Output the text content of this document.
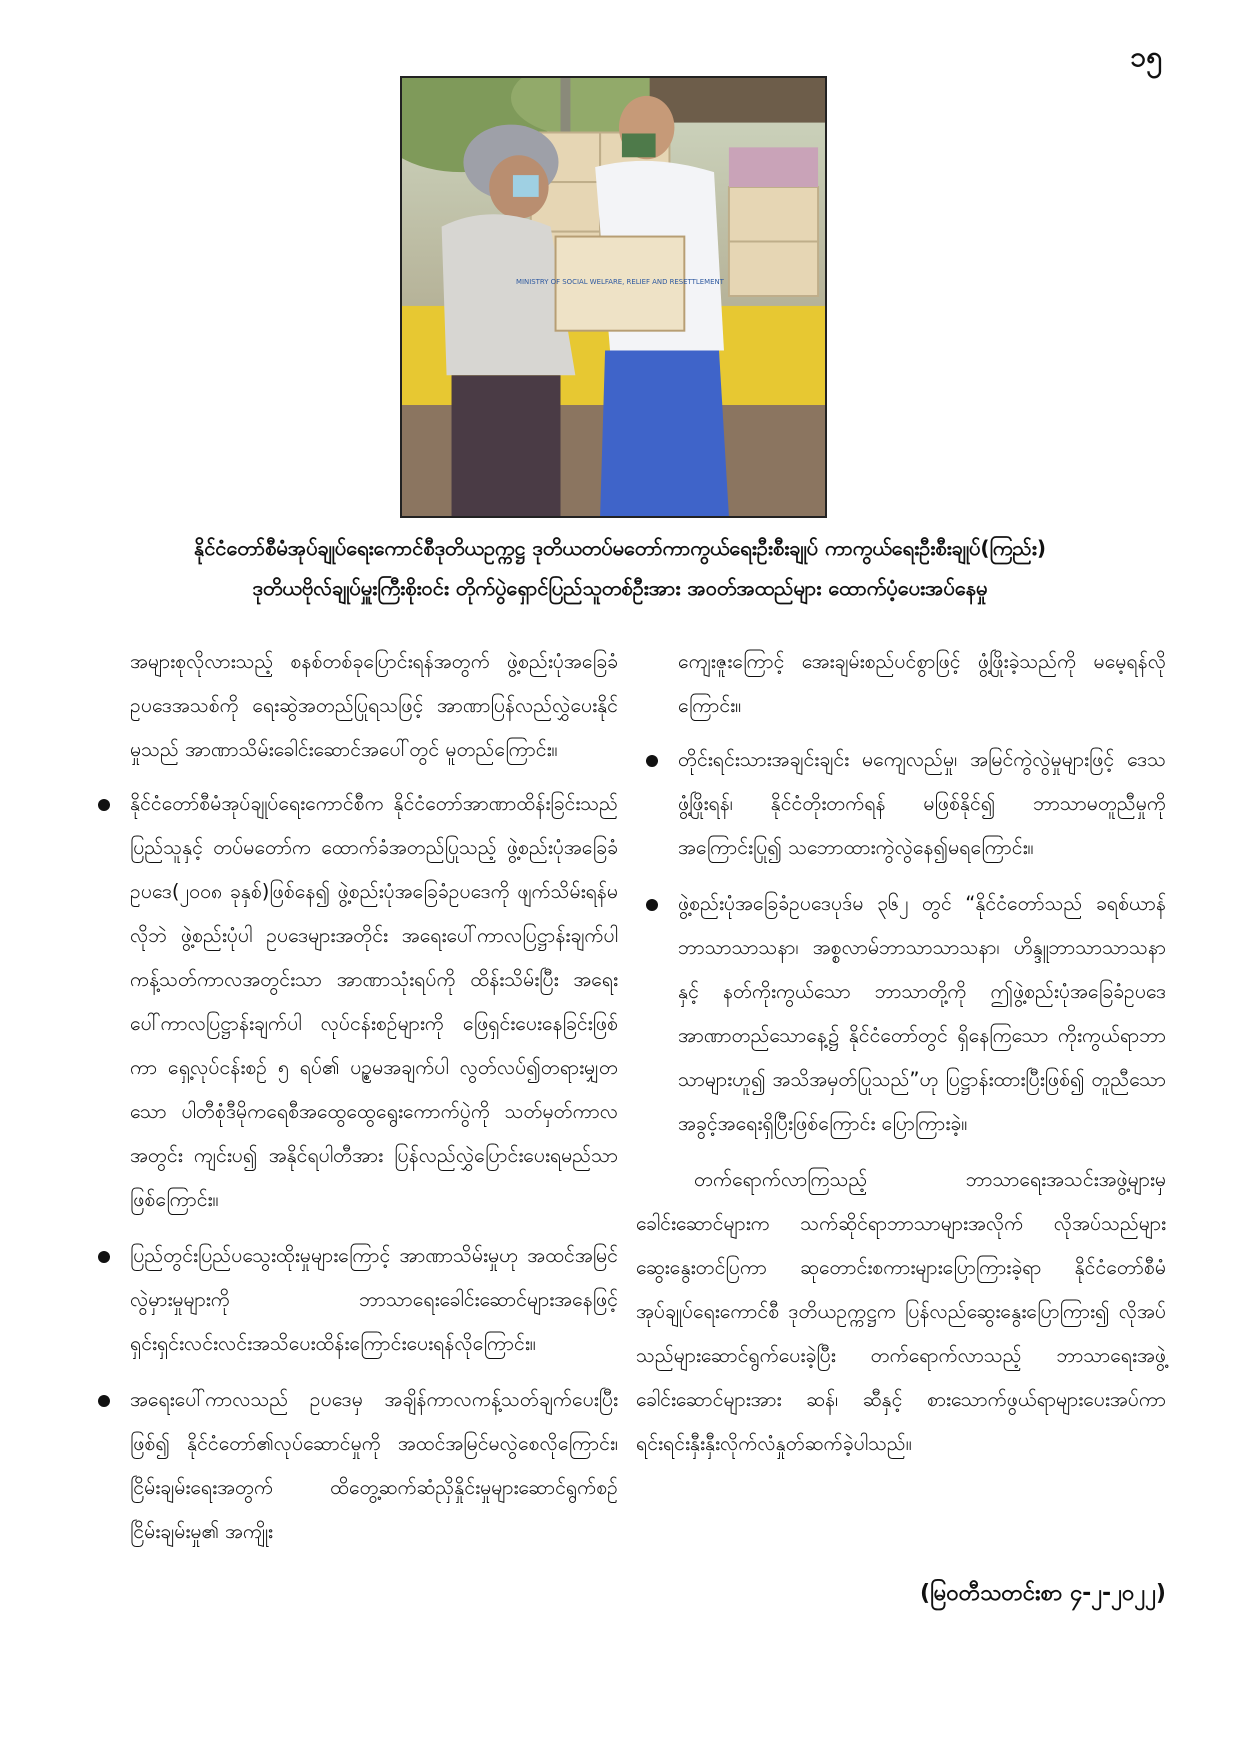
၁၅
MINISTRY OF SOCIAL WELFARE, RELIEF AND RESETTLEMENT
နိုင်ငံတော်စီမံအုပ်ချုပ်ရေးကောင်စီဒုတိယဥက္ကဋ္ဌ ဒုတိယတပ်မတော်ကာကွယ်ရေးဦးစီးချုပ် ကာကွယ်ရေးဦးစီးချုပ်(ကြည်း)
ဒုတိယဗိုလ်ချုပ်မှူးကြီးစိုးဝင်း တိုက်ပွဲရှောင်ပြည်သူတစ်ဦးအား အဝတ်အထည်များ ထောက်ပံ့ပေးအပ်နေမှု

အများစုလိုလားသည့် စနစ်တစ်ခုပြောင်းရန်အတွက် ဖွဲ့စည်းပုံအခြေခံဥပဒေအသစ်ကို ရေးဆွဲအတည်ပြုရသဖြင့် အာဏာပြန်လည်လွှဲပေးနိုင်မှုသည် အာဏာသိမ်းခေါင်းဆောင်အပေါ်တွင် မူတည်ကြောင်း။

နိုင်ငံတော်စီမံအုပ်ချုပ်ရေးကောင်စီက နိုင်ငံတော်အာဏာထိန်းခြင်းသည် ပြည်သူနှင့် တပ်မတော်က ထောက်ခံအတည်ပြုသည့် ဖွဲ့စည်းပုံအခြေခံဥပဒေ(၂၀၀၈ ခုနှစ်)ဖြစ်နေ၍ ဖွဲ့စည်းပုံအခြေခံဥပဒေကို ဖျက်သိမ်းရန်မလိုဘဲ ဖွဲ့စည်းပုံပါ ဥပဒေများအတိုင်း အရေးပေါ်ကာလပြဋ္ဌာန်းချက်ပါ ကန့်သတ်ကာလအတွင်းသာ အာဏာသုံးရပ်ကို ထိန်းသိမ်းပြီး အရေးပေါ်ကာလပြဋ္ဌာန်းချက်ပါ လုပ်ငန်းစဉ်များကို ဖြေရှင်းပေးနေခြင်းဖြစ်ကာ ရှေ့လုပ်ငန်းစဉ် ၅ ရပ်၏ ပဉ္စမအချက်ပါ လွတ်လပ်၍တရားမျှတသော ပါတီစုံဒီမိုကရေစီအထွေထွေရွေးကောက်ပွဲကို သတ်မှတ်ကာလအတွင်း ကျင်းပ၍ အနိုင်ရပါတီအား ပြန်လည်လွှဲပြောင်းပေးရမည်သာဖြစ်ကြောင်း။
ပြည်တွင်းပြည်ပသွေးထိုးမှုများကြောင့် အာဏာသိမ်းမှုဟု အထင်အမြင်လွဲမှားမှုများကို ဘာသာရေးခေါင်းဆောင်များအနေဖြင့် ရှင်းရှင်းလင်းလင်းအသိပေးထိန်းကြောင်းပေးရန်လိုကြောင်း။
အရေးပေါ်ကာလသည် ဥပဒေမှ အချိန်ကာလကန့်သတ်ချက်ပေးပြီးဖြစ်၍ နိုင်ငံတော်၏လုပ်ဆောင်မှုကို အထင်အမြင်မလွဲစေလိုကြောင်း၊ ငြိမ်းချမ်းရေးအတွက် ထိတွေ့ဆက်ဆံညှိနှိုင်းမှုများဆောင်ရွက်စဉ် ငြိမ်းချမ်းမှု၏ အကျိုး

ကျေးဇူးကြောင့် အေးချမ်းစည်ပင်စွာဖြင့် ဖွံ့ဖြိုးခဲ့သည်ကို မမေ့ရန်လိုကြောင်း။

တိုင်းရင်းသားအချင်းချင်း မကျေလည်မှု၊ အမြင်ကွဲလွဲမှုများဖြင့် ဒေသဖွံ့ဖြိုးရန်၊ နိုင်ငံတိုးတက်ရန် မဖြစ်နိုင်၍ ဘာသာမတူညီမှုကို အကြောင်းပြု၍ သဘောထားကွဲလွဲနေ၍မရကြောင်း။
ဖွဲ့စည်းပုံအခြေခံဥပဒေပုဒ်မ ၃၆၂ တွင် “နိုင်ငံတော်သည် ခရစ်ယာန် ဘာသာသာသနာ၊ အစ္စလာမ်ဘာသာသာသနာ၊ ဟိန္ဒူဘာသာသာသနာနှင့် နတ်ကိုးကွယ်သော ဘာသာတို့ကို ဤဖွဲ့စည်းပုံအခြေခံဥပဒေ အာဏာတည်သောနေ့၌ နိုင်ငံတော်တွင် ရှိနေကြသော ကိုးကွယ်ရာဘာသာများဟူ၍ အသိအမှတ်ပြုသည်”ဟု ပြဋ္ဌာန်းထားပြီးဖြစ်၍ တူညီသောအခွင့်အရေးရှိပြီးဖြစ်ကြောင်း ပြောကြားခဲ့။

တက်ရောက်လာကြသည့် ဘာသာရေးအသင်းအဖွဲ့များမှ ခေါင်းဆောင်များက သက်ဆိုင်ရာဘာသာများအလိုက် လိုအပ်သည်များ ဆွေးနွေးတင်ပြကာ ဆုတောင်းစကားများပြောကြားခဲ့ရာ နိုင်ငံတော်စီမံအုပ်ချုပ်ရေးကောင်စီ ဒုတိယဥက္ကဋ္ဌက ပြန်လည်ဆွေးနွေးပြောကြား၍ လိုအပ်သည်များဆောင်ရွက်ပေးခဲ့ပြီး တက်ရောက်လာသည့် ဘာသာရေးအဖွဲ့ခေါင်းဆောင်များအား ဆန်၊ ဆီနှင့် စားသောက်ဖွယ်ရာများပေးအပ်ကာ ရင်းရင်းနှီးနှီးလိုက်လံနှုတ်ဆက်ခဲ့ပါသည်။

(မြဝတီသတင်းစာ ၄-၂-၂၀၂၂)
